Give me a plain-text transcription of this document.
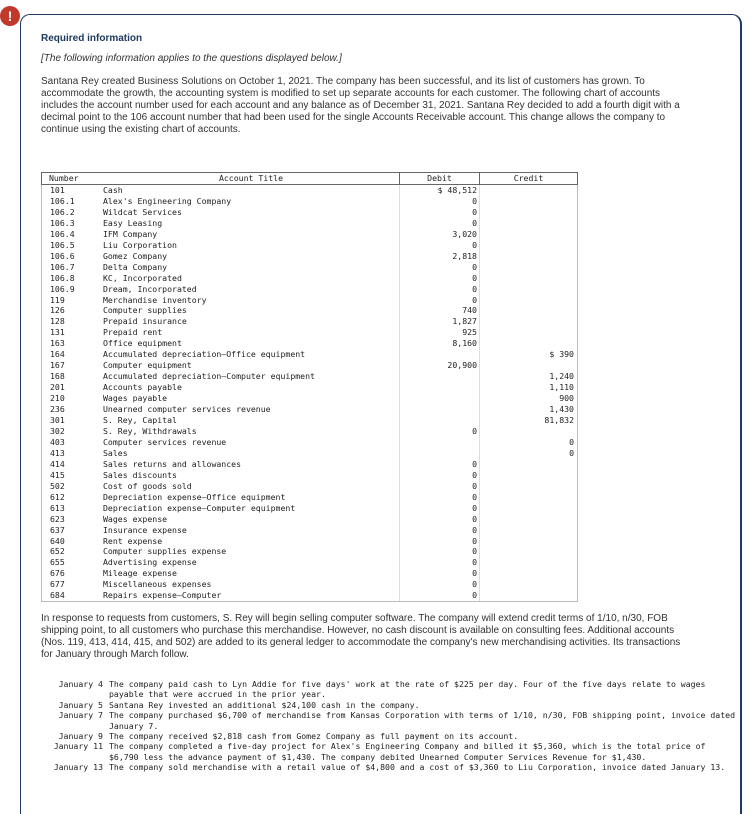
!

Required information

[The following information applies to the questions displayed below.]

Santana Rey created Business Solutions on October 1, 2021. The company has been successful, and its list of customers has grown. To accommodate the growth, the accounting system is modified to set up separate accounts for each customer. The following chart of accounts includes the account number used for each account and any balance as of December 31, 2021. Santana Rey decided to add a fourth digit with a decimal point to the 106 account number that had been used for the single Accounts Receivable account. This change allows the company to continue using the existing chart of accounts.

Number	Account Title	Debit	Credit
101	Cash	$ 48,512	
106.1	Alex's Engineering Company	0	
106.2	Wildcat Services	0	
106.3	Easy Leasing	0	
106.4	IFM Company	3,020	
106.5	Liu Corporation	0	
106.6	Gomez Company	2,818	
106.7	Delta Company	0	
106.8	KC, Incorporated	0	
106.9	Dream, Incorporated	0	
119	Merchandise inventory	0	
126	Computer supplies	740	
128	Prepaid insurance	1,827	
131	Prepaid rent	925	
163	Office equipment	8,160	
164	Accumulated depreciation—Office equipment		$ 390
167	Computer equipment	20,900	
168	Accumulated depreciation—Computer equipment		1,240
201	Accounts payable		1,110
210	Wages payable		900
236	Unearned computer services revenue		1,430
301	S. Rey, Capital		81,832
302	S. Rey, Withdrawals	0	
403	Computer services revenue		0
413	Sales		0
414	Sales returns and allowances	0	
415	Sales discounts	0	
502	Cost of goods sold	0	
612	Depreciation expense—Office equipment	0	
613	Depreciation expense—Computer equipment	0	
623	Wages expense	0	
637	Insurance expense	0	
640	Rent expense	0	
652	Computer supplies expense	0	
655	Advertising expense	0	
676	Mileage expense	0	
677	Miscellaneous expenses	0	
684	Repairs expense—Computer	0	

In response to requests from customers, S. Rey will begin selling computer software. The company will extend credit terms of 1/10, n/30, FOB shipping point, to all customers who purchase this merchandise. However, no cash discount is available on consulting fees. Additional accounts (Nos. 119, 413, 414, 415, and 502) are added to its general ledger to accommodate the company's new merchandising activities. Its transactions for January through March follow.

January 4 The company paid cash to Lyn Addie for five days' work at the rate of $225 per day. Four of the five days relate to wages payable that were accrued in the prior year.
January 5 Santana Rey invested an additional $24,100 cash in the company.
January 7 The company purchased $6,700 of merchandise from Kansas Corporation with terms of 1/10, n/30, FOB shipping point, invoice dated January 7.
January 9 The company received $2,818 cash from Gomez Company as full payment on its account.
January 11 The company completed a five-day project for Alex's Engineering Company and billed it $5,360, which is the total price of $6,790 less the advance payment of $1,430. The company debited Unearned Computer Services Revenue for $1,430.
January 13 The company sold merchandise with a retail value of $4,800 and a cost of $3,360 to Liu Corporation, invoice dated January 13.
